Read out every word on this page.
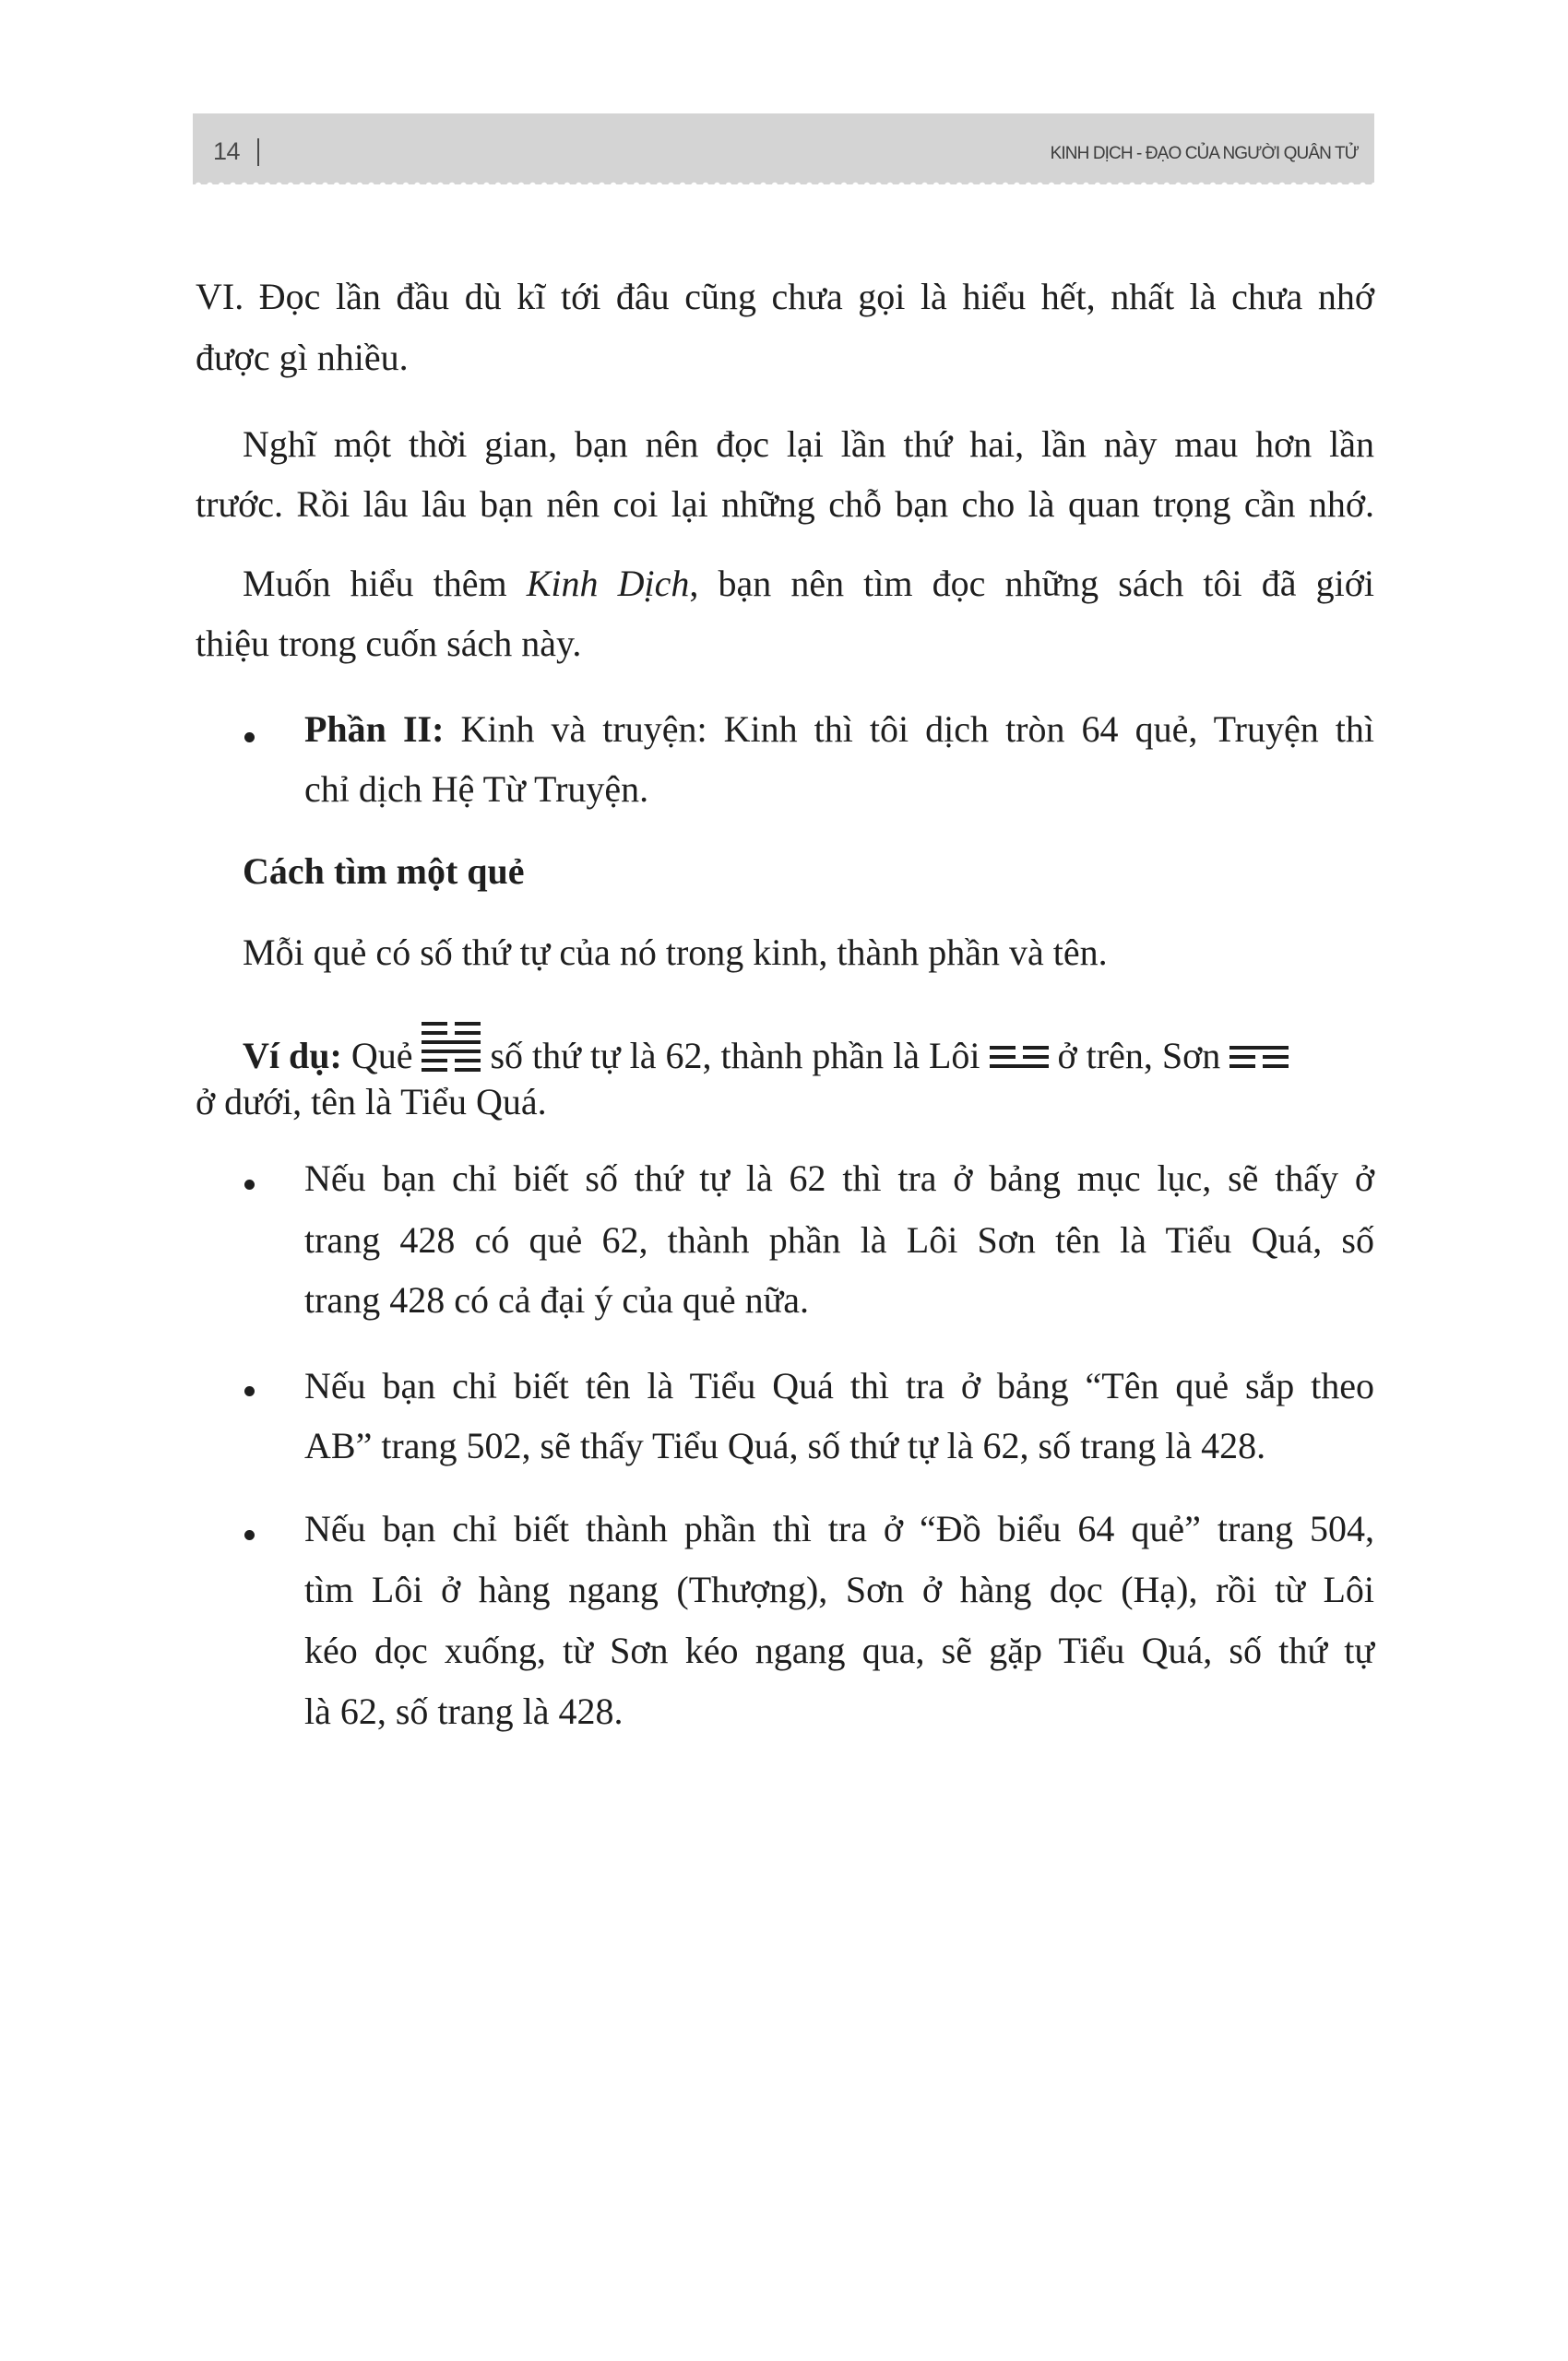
14	KINH DỊCH - ĐẠO CỦA NGƯỜI QUÂN TỬ
VI. Đọc lần đầu dù kĩ tới đâu cũng chưa gọi là hiểu hết, nhất là chưa nhớ
được gì nhiều.
Nghĩ một thời gian, bạn nên đọc lại lần thứ hai, lần này mau hơn lần
trước. Rồi lâu lâu bạn nên coi lại những chỗ bạn cho là quan trọng cần nhớ.
Muốn hiểu thêm Kinh Dịch, bạn nên tìm đọc những sách tôi đã giới
thiệu trong cuốn sách này.
Phần II: Kinh và truyện: Kinh thì tôi dịch tròn 64 quẻ, Truyện thì
chỉ dịch Hệ Từ Truyện.
Cách tìm một quẻ
Mỗi quẻ có số thứ tự của nó trong kinh, thành phần và tên.
Ví dụ: Quẻ  số thứ tự là 62, thành phần là Lôi  ở trên, Sơn
ở dưới, tên là Tiểu Quá.
Nếu bạn chỉ biết số thứ tự là 62 thì tra ở bảng mục lục, sẽ thấy ở
trang 428 có quẻ 62, thành phần là Lôi Sơn tên là Tiểu Quá, số
trang 428 có cả đại ý của quẻ nữa.
Nếu bạn chỉ biết tên là Tiểu Quá thì tra ở bảng “Tên quẻ sắp theo
AB” trang 502, sẽ thấy Tiểu Quá, số thứ tự là 62, số trang là 428.
Nếu bạn chỉ biết thành phần thì tra ở “Đồ biểu 64 quẻ” trang 504,
tìm Lôi ở hàng ngang (Thượng), Sơn ở hàng dọc (Hạ), rồi từ Lôi
kéo dọc xuống, từ Sơn kéo ngang qua, sẽ gặp Tiểu Quá, số thứ tự
là 62, số trang là 428.
